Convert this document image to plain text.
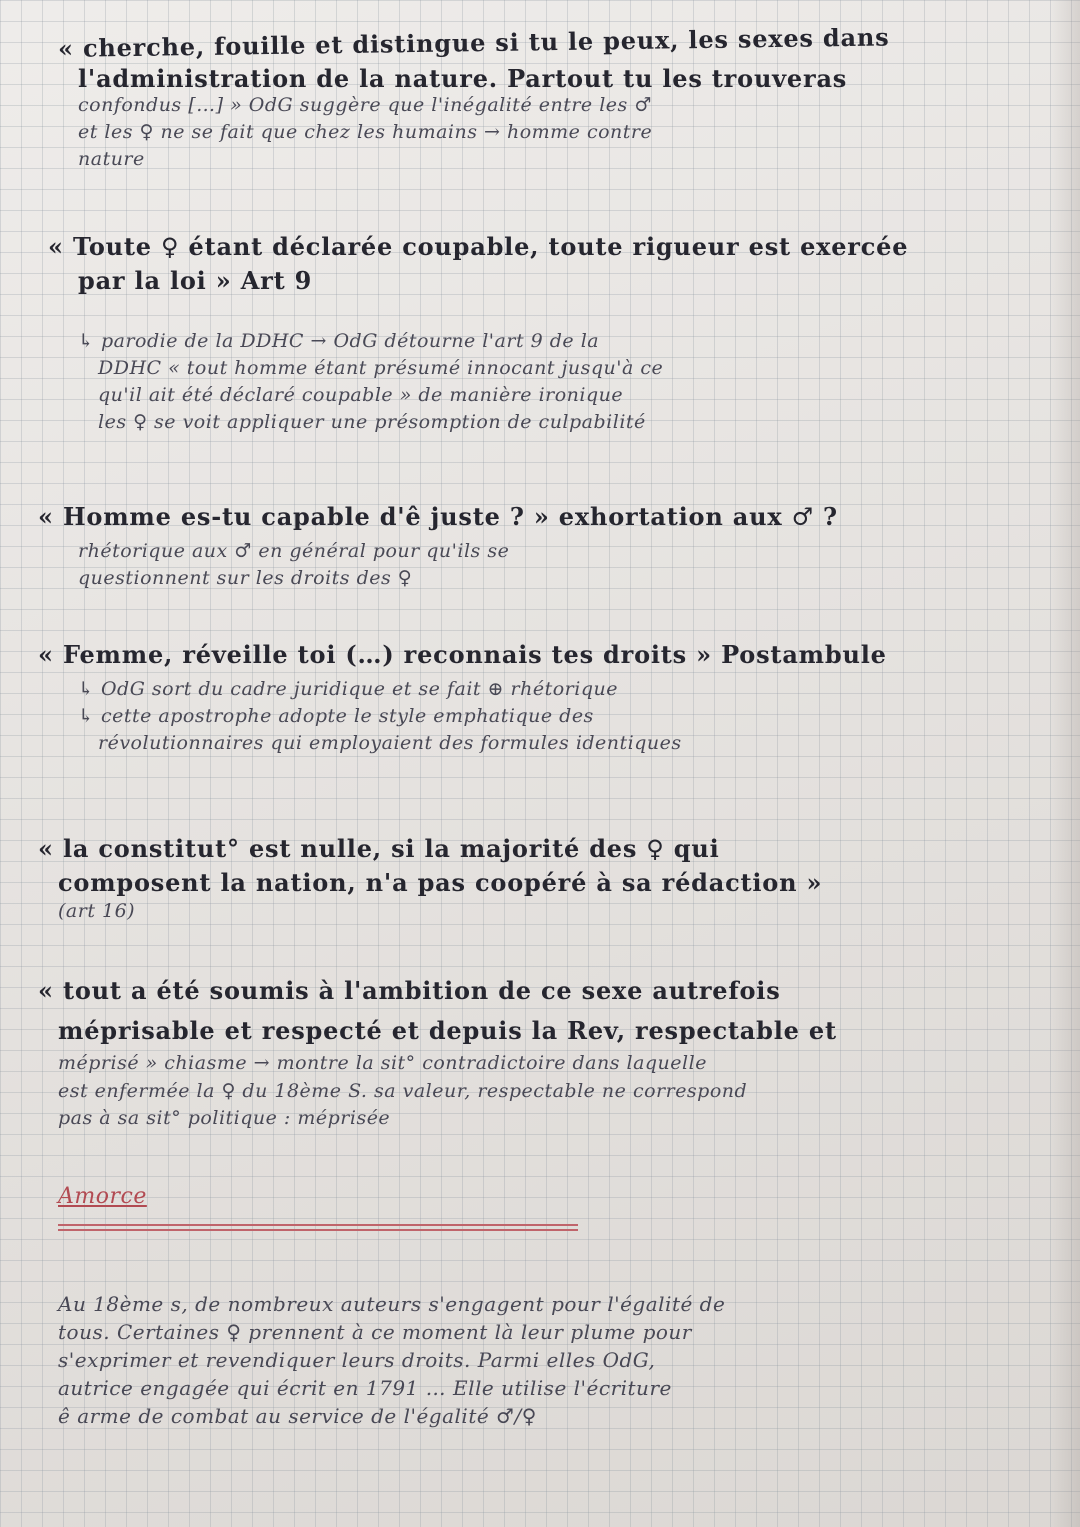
« cherche, fouille et distingue si tu le peux, les sexes dans
l'administration de la nature. Partout tu les trouveras
confondus […] » OdG suggère que l'inégalité entre les ♂
et les ♀ ne se fait que chez les humains → homme contre
nature
« Toute ♀ étant déclarée coupable, toute rigueur est exercée
par la loi » Art 9
↳ parodie de la DDHC → OdG détourne l'art 9 de la
DDHC « tout homme étant présumé innocant jusqu'à ce
qu'il ait été déclaré coupable » de manière ironique
les ♀ se voit appliquer une présomption de culpabilité
« Homme es-tu capable d'ê juste ? » exhortation aux ♂ ?
rhétorique aux ♂ en général pour qu'ils se
questionnent sur les droits des ♀
« Femme, réveille toi (…) reconnais tes droits » Postambule
↳ OdG sort du cadre juridique et se fait ⊕ rhétorique
↳ cette apostrophe adopte le style emphatique des
révolutionnaires qui employaient des formules identiques
« la constitut° est nulle, si la majorité des ♀ qui
composent la nation, n'a pas coopéré à sa rédaction »
(art 16)
« tout a été soumis à l'ambition de ce sexe autrefois
méprisable et respecté et depuis la Rev, respectable et
méprisé » chiasme → montre la sit° contradictoire dans laquelle
est enfermée la ♀ du 18ème S. sa valeur, respectable ne correspond
pas à sa sit° politique : méprisée
Amorce
Au 18ème s, de nombreux auteurs s'engagent pour l'égalité de
tous. Certaines ♀ prennent à ce moment là leur plume pour
s'exprimer et revendiquer leurs droits. Parmi elles OdG,
autrice engagée qui écrit en 1791 … Elle utilise l'écriture
ê arme de combat au service de l'égalité ♂/♀
